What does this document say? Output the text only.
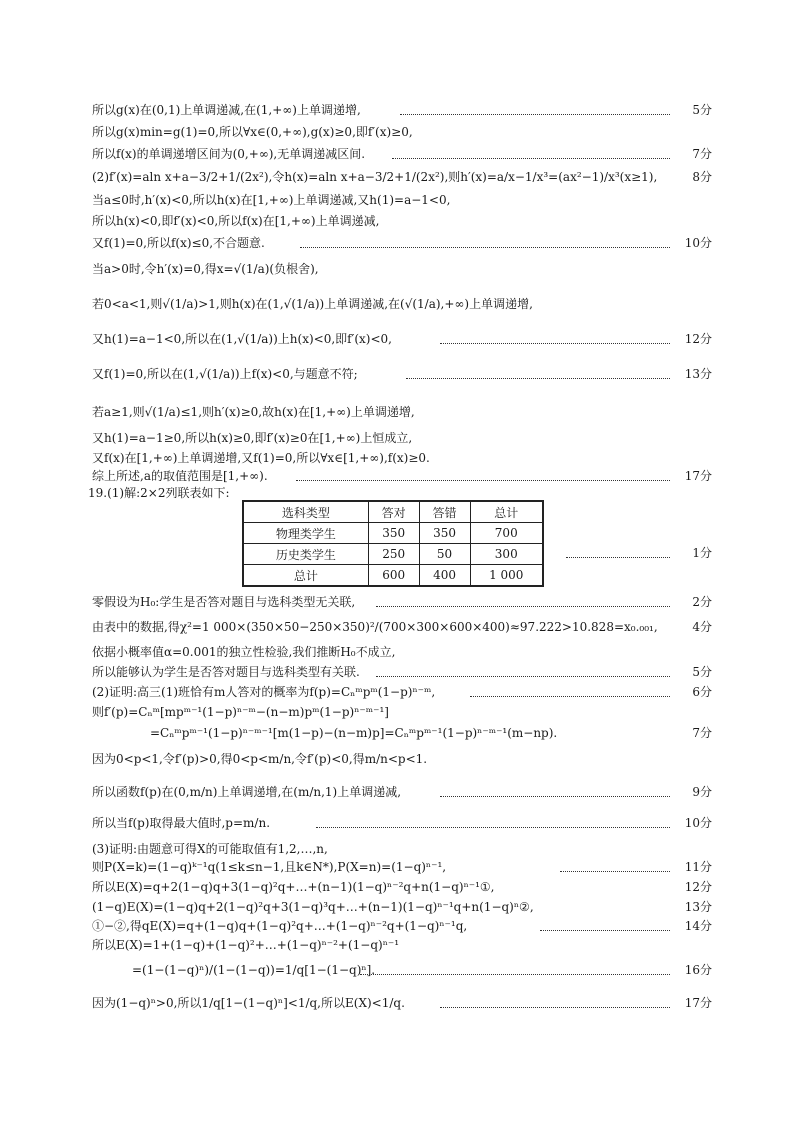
所以g(x)在(0,1)上单调递减,在(1,+∞)上单调递增,	5分
所以g(x)min=g(1)=0,所以∀x∈(0,+∞),g(x)≥0,即f′(x)≥0,
所以f(x)的单调递增区间为(0,+∞),无单调递减区间.	7分
(2)f′(x)=aln x+a−3/2+1/(2x²),令h(x)=aln x+a−3/2+1/(2x²),则h′(x)=a/x−1/x³=(ax²−1)/x³(x≥1),	8分
当a≤0时,h′(x)<0,所以h(x)在[1,+∞)上单调递减,又h(1)=a−1<0,
所以h(x)<0,即f′(x)<0,所以f(x)在[1,+∞)上单调递减,
又f(1)=0,所以f(x)≤0,不合题意.	10分
当a>0时,令h′(x)=0,得x=√(1/a)(负根舍),
若0<a<1,则√(1/a)>1,则h(x)在(1,√(1/a))上单调递减,在(√(1/a),+∞)上单调递增,
又h(1)=a−1<0,所以在(1,√(1/a))上h(x)<0,即f′(x)<0,	12分
又f(1)=0,所以在(1,√(1/a))上f(x)<0,与题意不符;	13分
若a≥1,则√(1/a)≤1,则h′(x)≥0,故h(x)在[1,+∞)上单调递增,
又h(1)=a−1≥0,所以h(x)≥0,即f′(x)≥0在[1,+∞)上恒成立,
又f(x)在[1,+∞)上单调递增,又f(1)=0,所以∀x∈[1,+∞),f(x)≥0.
综上所述,a的取值范围是[1,+∞).	17分
19.(1)解:2×2列联表如下:
选科类型	答对	答错	总计
物理类学生	350	350	700
历史类学生	250	50	300
总计	600	400	1 000
1分
零假设为H₀:学生是否答对题目与选科类型无关联,	2分
由表中的数据,得χ²=1 000×(350×50−250×350)²/(700×300×600×400)≈97.222>10.828=x₀.₀₀₁,	4分
依据小概率值α=0.001的独立性检验,我们推断H₀不成立,
所以能够认为学生是否答对题目与选科类型有关联.	5分
(2)证明:高三(1)班恰有m人答对的概率为f(p)=Cₙᵐpᵐ(1−p)ⁿ⁻ᵐ,	6分
则f′(p)=Cₙᵐ[mpᵐ⁻¹(1−p)ⁿ⁻ᵐ−(n−m)pᵐ(1−p)ⁿ⁻ᵐ⁻¹]
=Cₙᵐpᵐ⁻¹(1−p)ⁿ⁻ᵐ⁻¹[m(1−p)−(n−m)p]=Cₙᵐpᵐ⁻¹(1−p)ⁿ⁻ᵐ⁻¹(m−np).	7分
因为0<p<1,令f′(p)>0,得0<p<m/n,令f′(p)<0,得m/n<p<1.
所以函数f(p)在(0,m/n)上单调递增,在(m/n,1)上单调递减,	9分
所以当f(p)取得最大值时,p=m/n.	10分
(3)证明:由题意可得X的可能取值有1,2,…,n,
则P(X=k)=(1−q)ᵏ⁻¹q(1≤k≤n−1,且k∈N*),P(X=n)=(1−q)ⁿ⁻¹,	11分
所以E(X)=q+2(1−q)q+3(1−q)²q+…+(n−1)(1−q)ⁿ⁻²q+n(1−q)ⁿ⁻¹①,	12分
(1−q)E(X)=(1−q)q+2(1−q)²q+3(1−q)³q+…+(n−1)(1−q)ⁿ⁻¹q+n(1−q)ⁿ②,	13分
①−②,得qE(X)=q+(1−q)q+(1−q)²q+…+(1−q)ⁿ⁻²q+(1−q)ⁿ⁻¹q,	14分
所以E(X)=1+(1−q)+(1−q)²+…+(1−q)ⁿ⁻²+(1−q)ⁿ⁻¹
=(1−(1−q)ⁿ)/(1−(1−q))=1/q[1−(1−q)ⁿ].	16分
因为(1−q)ⁿ>0,所以1/q[1−(1−q)ⁿ]<1/q,所以E(X)<1/q.	17分
